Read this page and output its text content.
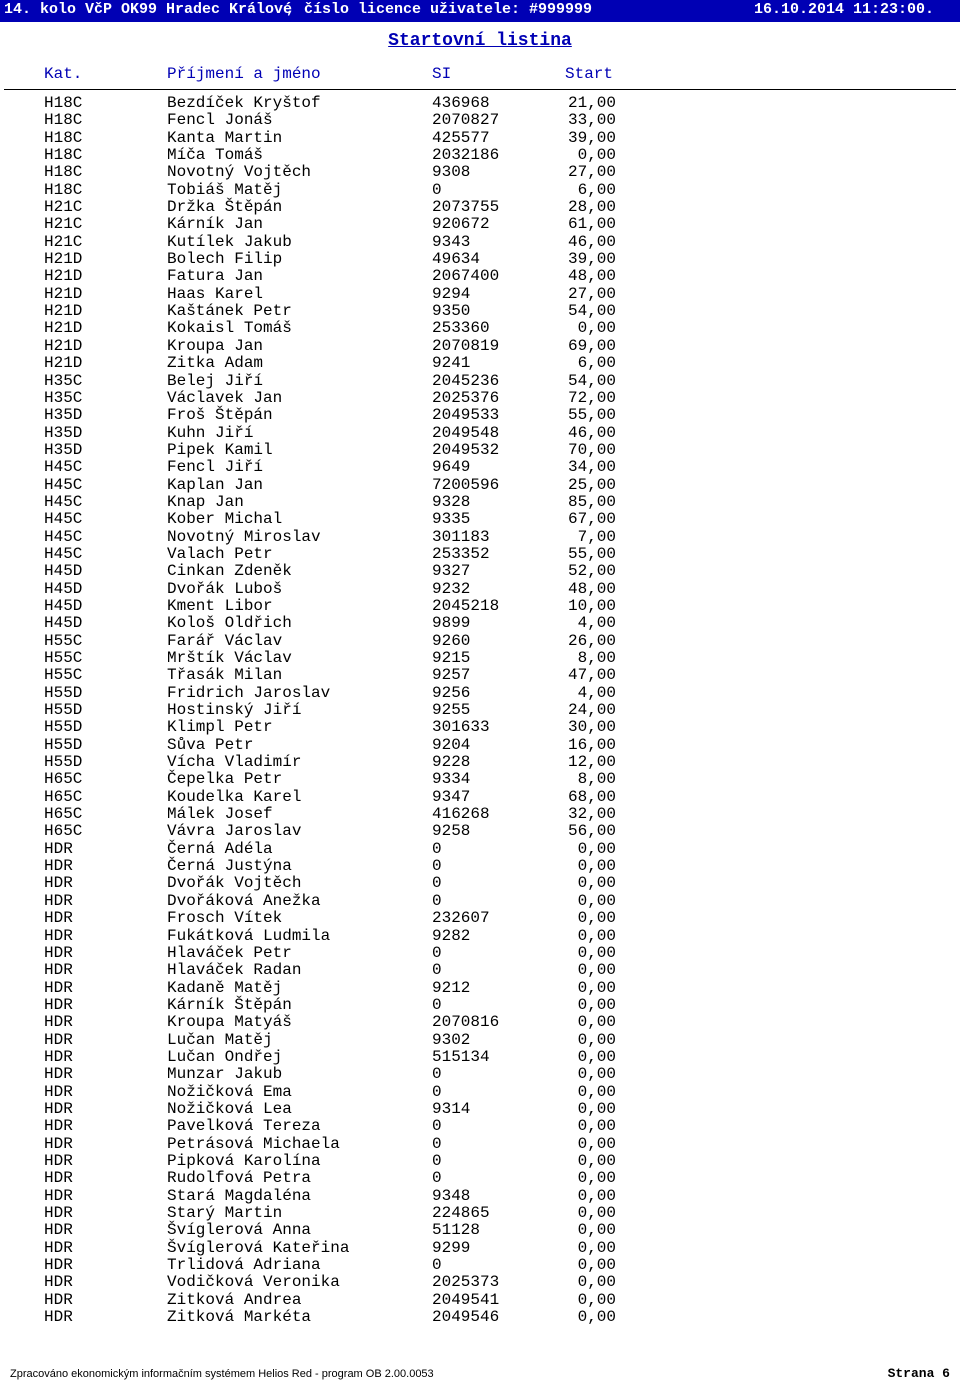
14. kolo VčP OK99 Hradec Králové
, číslo licence uživatele: #999999	16.10.2014 11:23:00.
Startovní listina
Kat.	Příjmení a jméno	SI	Start
H18C	Bezdíček Kryštof	436968	21,00
H18C	Fencl Jonáš	2070827	33,00
H18C	Kanta Martin	425577	39,00
H18C	Míča Tomáš	2032186	0,00
H18C	Novotný Vojtěch	9308	27,00
H18C	Tobiáš Matěj	0	6,00
H21C	Držka Štěpán	2073755	28,00
H21C	Kárník Jan	920672	61,00
H21C	Kutílek Jakub	9343	46,00
H21D	Bolech Filip	49634	39,00
H21D	Fatura Jan	2067400	48,00
H21D	Haas Karel	9294	27,00
H21D	Kaštánek Petr	9350	54,00
H21D	Kokaisl Tomáš	253360	0,00
H21D	Kroupa Jan	2070819	69,00
H21D	Zitka Adam	9241	6,00
H35C	Belej Jiří	2045236	54,00
H35C	Václavek Jan	2025376	72,00
H35D	Froš Štěpán	2049533	55,00
H35D	Kuhn Jiří	2049548	46,00
H35D	Pipek Kamil	2049532	70,00
H45C	Fencl Jiří	9649	34,00
H45C	Kaplan Jan	7200596	25,00
H45C	Knap Jan	9328	85,00
H45C	Kober Michal	9335	67,00
H45C	Novotný Miroslav	301183	7,00
H45C	Valach Petr	253352	55,00
H45D	Cinkan Zdeněk	9327	52,00
H45D	Dvořák Luboš	9232	48,00
H45D	Kment Libor	2045218	10,00
H45D	Kološ Oldřich	9899	4,00
H55C	Farář Václav	9260	26,00
H55C	Mrštík Václav	9215	8,00
H55C	Třasák Milan	9257	47,00
H55D	Fridrich Jaroslav	9256	4,00
H55D	Hostinský Jiří	9255	24,00
H55D	Klimpl Petr	301633	30,00
H55D	Sůva Petr	9204	16,00
H55D	Vícha Vladimír	9228	12,00
H65C	Čepelka Petr	9334	8,00
H65C	Koudelka Karel	9347	68,00
H65C	Málek Josef	416268	32,00
H65C	Vávra Jaroslav	9258	56,00
HDR	Černá Adéla	0	0,00
HDR	Černá Justýna	0	0,00
HDR	Dvořák Vojtěch	0	0,00
HDR	Dvořáková Anežka	0	0,00
HDR	Frosch Vítek	232607	0,00
HDR	Fukátková Ludmila	9282	0,00
HDR	Hlaváček Petr	0	0,00
HDR	Hlaváček Radan	0	0,00
HDR	Kadaně Matěj	9212	0,00
HDR	Kárník Štěpán	0	0,00
HDR	Kroupa Matyáš	2070816	0,00
HDR	Lučan Matěj	9302	0,00
HDR	Lučan Ondřej	515134	0,00
HDR	Munzar Jakub	0	0,00
HDR	Nožičková Ema	0	0,00
HDR	Nožičková Lea	9314	0,00
HDR	Pavelková Tereza	0	0,00
HDR	Petrásová Michaela	0	0,00
HDR	Pipková Karolína	0	0,00
HDR	Rudolfová Petra	0	0,00
HDR	Stará Magdaléna	9348	0,00
HDR	Starý Martin	224865	0,00
HDR	Švíglerová Anna	51128	0,00
HDR	Švíglerová Kateřina	9299	0,00
HDR	Trlidová Adriana	0	0,00
HDR	Vodičková Veronika	2025373	0,00
HDR	Zitková Andrea	2049541	0,00
HDR	Zitková Markéta	2049546	0,00
Zpracováno ekonomickým informačním systémem Helios Red - program OB 2.00.0053	Strana 6
